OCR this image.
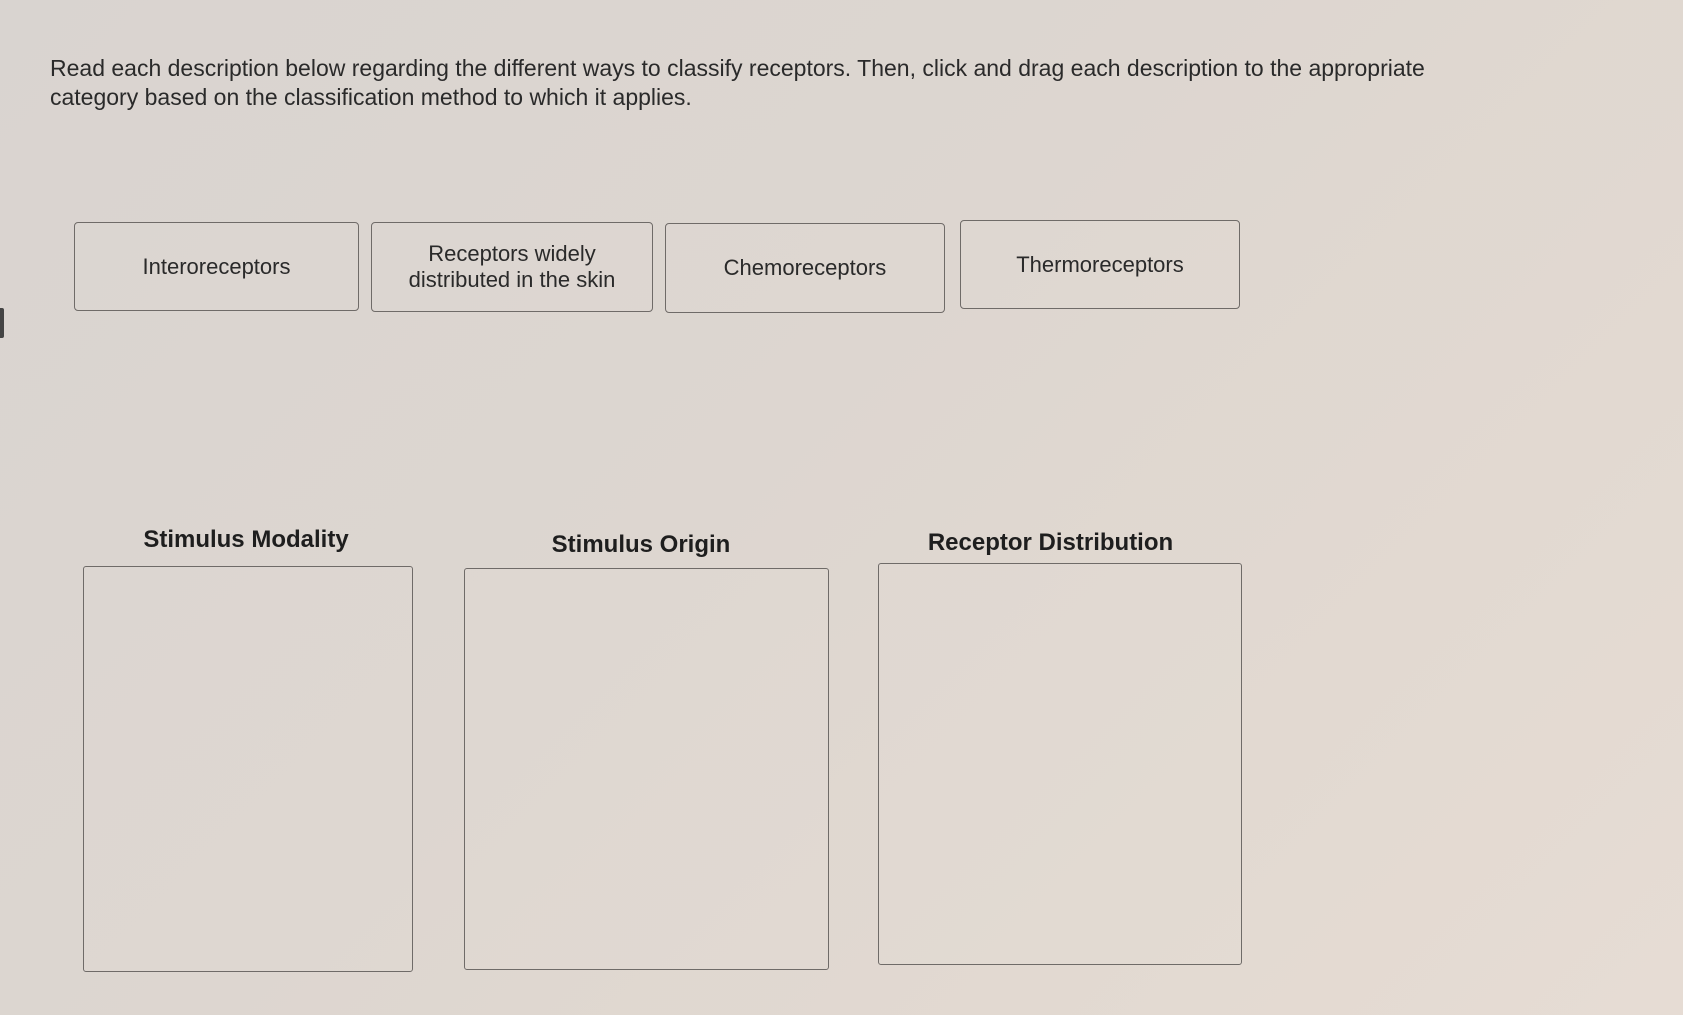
Read each description below regarding the different ways to classify receptors. Then, click and drag each description to the appropriate category based on the classification method to which it applies.

Interoreceptors	Receptors widely
distributed in the skin	Chemoreceptors	Thermoreceptors
Stimulus Modality	Stimulus Origin	Receptor Distribution
